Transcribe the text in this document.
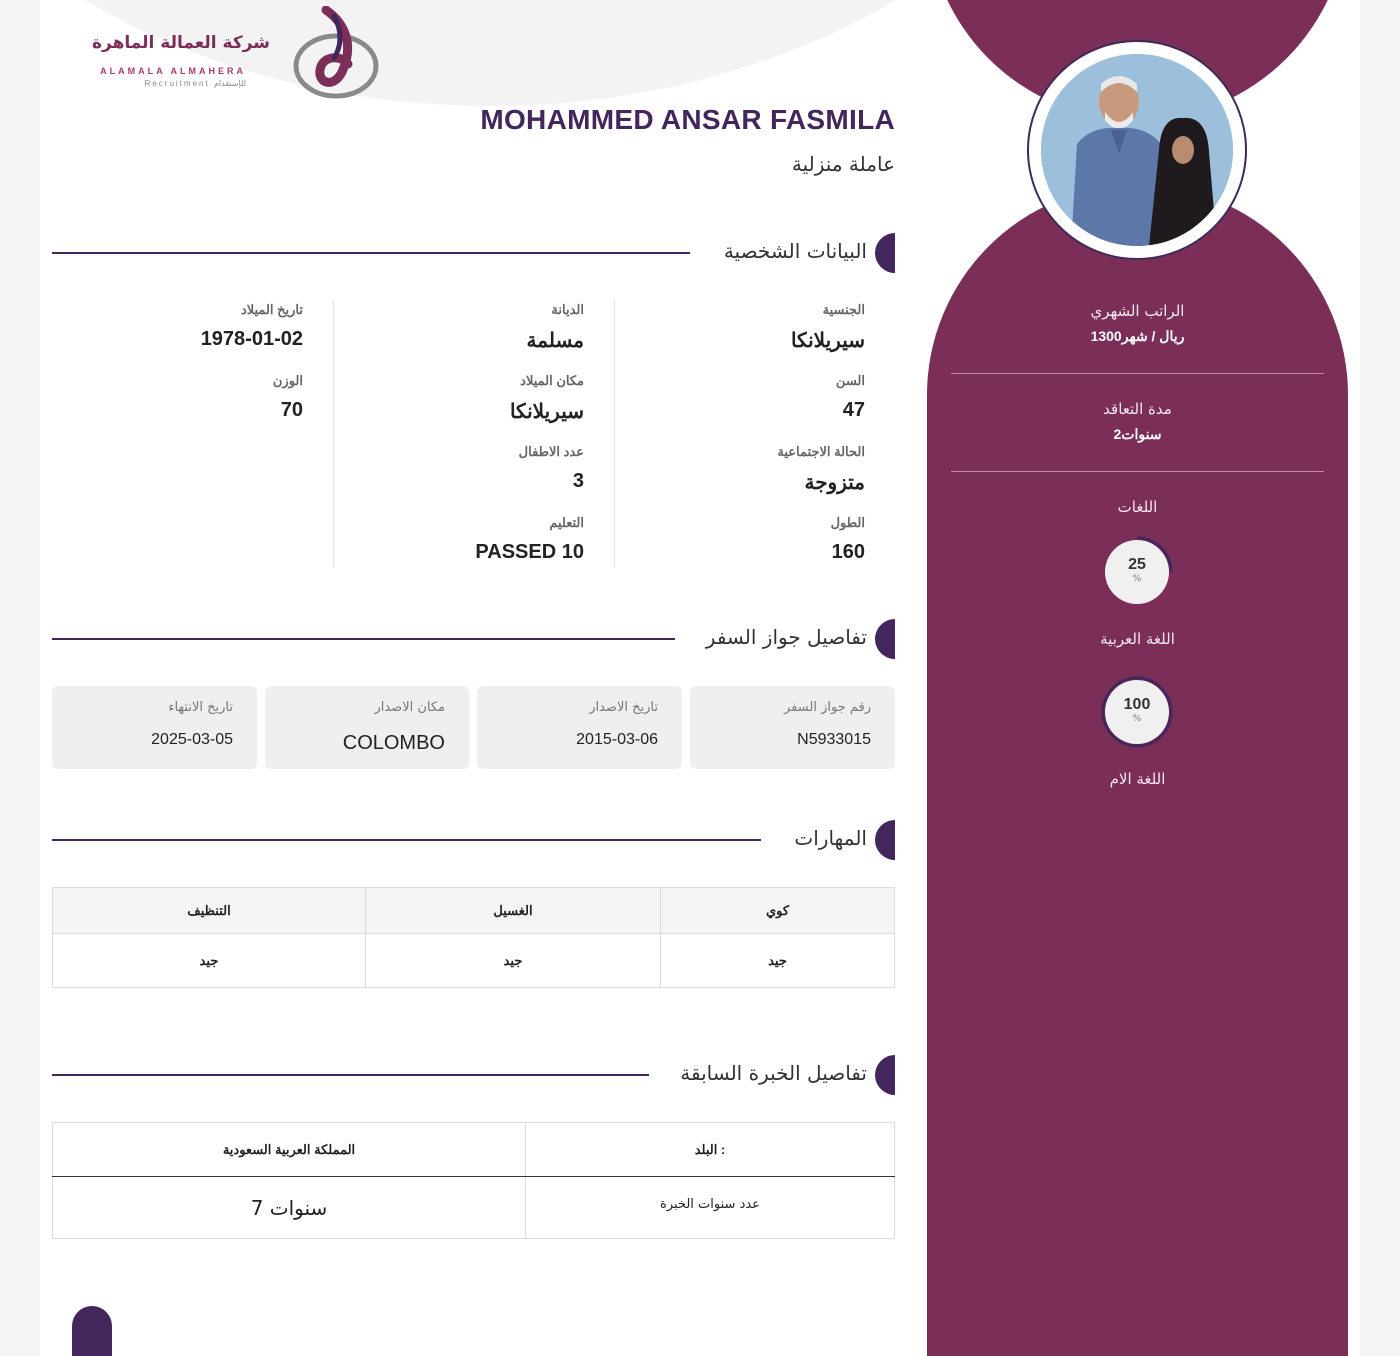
شركة العمالة الماهرة
ALAMALA ALMAHERA
Recruitment للإستقدام
MOHAMMED ANSAR FASMILA
عاملة منزلية
البيانات الشخصية
الجنسية
سيريلانكا
السن
47
الحالة الاجتماعية
متزوجة
الطول
160
الديانة
مسلمة
مكان الميلاد
سيريلانكا
عدد الاطفال
3
التعليم
PASSED 10
تاريخ الميلاد
1978-01-02
الوزن
70
تفاصيل جواز السفر
رقم جواز السفر
N5933015
تاريخ الاصدار
2015-03-06
مكان الاصدار
COLOMBO
تاريخ الانتهاء
2025-03-05
المهارات
التنظيف	الغسيل	كوي
جيد	جيد	جيد
تفاصيل الخبرة السابقة
المملكة العربية السعودية	البلد :
7 سنوات	عدد سنوات الخبرة
الراتب الشهري
1300ريال / شهر
مدة التعاقد
2سنوات
اللغات
25
%
اللغة العربية
100
%
اللغة الام
